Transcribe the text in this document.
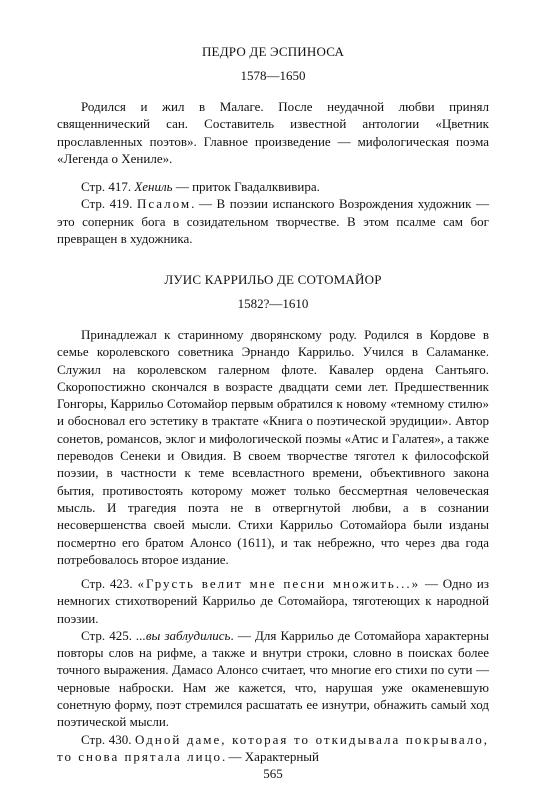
ПЕДРО ДЕ ЭСПИНОСА
1578—1650

Родился и жил в Малаге. После неудачной любви принял священнический сан. Составитель известной антологии «Цветник прославленных поэтов». Главное произведение — мифологическая поэма «Легенда о Хениле».

Стр. 417. Хениль — приток Гвадалквивира.

Стр. 419. Псалом. — В поэзии испанского Возрождения художник — это соперник бога в созидательном творчестве. В этом псалме сам бог превращен в художника.

ЛУИС КАРРИЛЬО ДЕ СОТОМАЙОР
1582?—1610

Принадлежал к старинному дворянскому роду. Родился в Кордове в семье королевского советника Эрнандо Каррильо. Учился в Саламанке. Служил на королевском галерном флоте. Кавалер ордена Сантьяго. Скоропостижно скончался в возрасте двадцати семи лет. Предшественник Гонгоры, Каррильо Сотомайор первым обратился к новому «темному стилю» и обосновал его эстетику в трактате «Книга о поэтической эрудиции». Автор сонетов, романсов, эклог и мифологической поэмы «Атис и Галатея», а также переводов Сенеки и Овидия. В своем творчестве тяготел к философской поэзии, в частности к теме всевластного времени, объективного закона бытия, противостоять которому может только бессмертная человеческая мысль. И трагедия поэта не в отвергнутой любви, а в сознании несовершенства своей мысли. Стихи Каррильо Сотомайора были изданы посмертно его братом Алонсо (1611), и так небрежно, что через два года потребовалось второе издание.

Стр. 423. «Грусть велит мне песни множить...» — Одно из немногих стихотворений Каррильо де Сотомайора, тяготеющих к народной поэзии.

Стр. 425. ...вы заблудились. — Для Каррильо де Сотомайора характерны повторы слов на рифме, а также и внутри строки, словно в поисках более точного выражения. Дамасо Алонсо считает, что многие его стихи по сути — черновые наброски. Нам же кажется, что, нарушая уже окаменевшую сонетную форму, поэт стремился расшатать ее изнутри, обнажить самый ход поэтической мысли.

Стр. 430. Одной даме, которая то откидывала покрывало, то снова прятала лицо. — Характерный

565
